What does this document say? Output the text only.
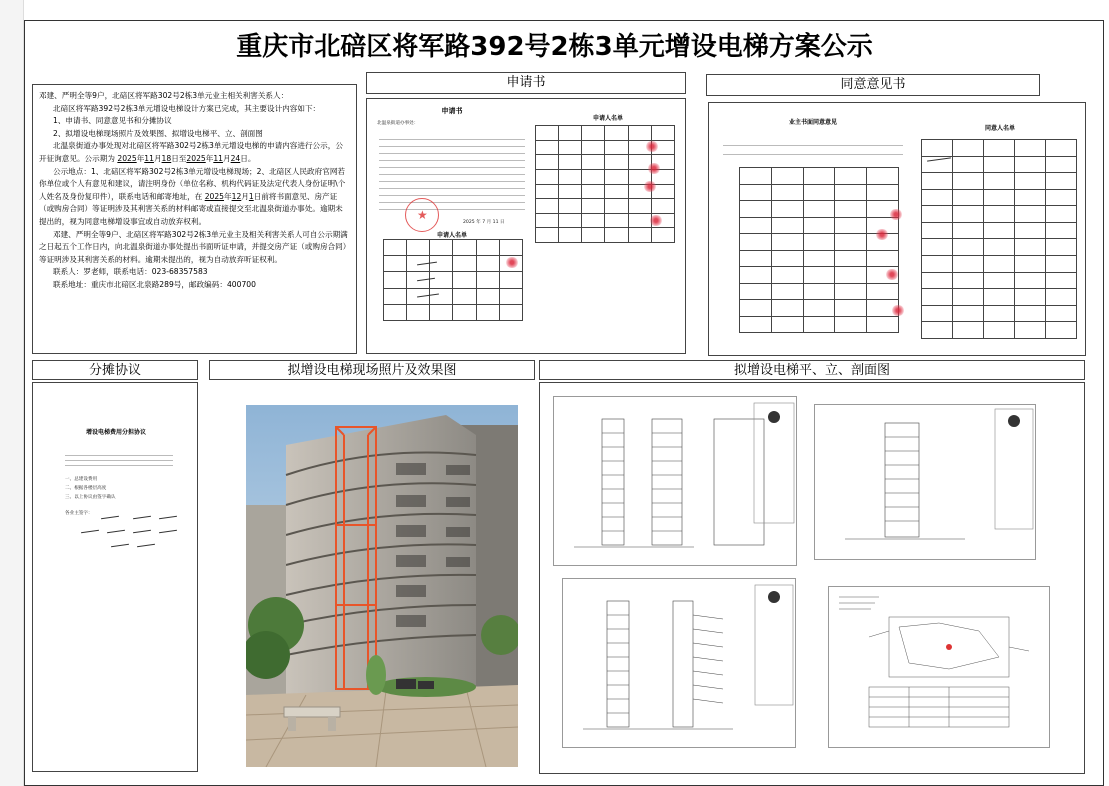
重庆市北碚区将军路392号2栋3单元增设电梯方案公示

邓建、严明全等9户，北碚区将军路302号2栋3单元业主相关利害关系人：

北碚区将军路392号2栋3单元增设电梯设计方案已完成，其主要设计内容如下：

1、申请书、同意意见书和分摊协议

2、拟增设电梯现场照片及效果图、拟增设电梯平、立、剖面图

北温泉街道办事处现对北碚区将军路302号2栋3单元增设电梯的申请内容进行公示，公开征询意见。公示期为 2025年11月18日至2025年11月24日。

公示地点：1、北碚区将军路302号2栋3单元增设电梯现场；2、北碚区人民政府官网若你单位或个人有意见和建议，请注明身份（单位名称、机构代码证及法定代表人身份证明\个人姓名及身份复印件），联系电话和邮寄地址，在 2025年12月1日前将书面意见、房产证（或购房合同）等证明涉及其利害关系的材料邮寄或直接提交至北温泉街道办事处。逾期未提出的，视为同意电梯增设事宜或自动放弃权利。

邓建、严明全等9户、北碚区将军路302号2栋3单元业主及相关利害关系人可自公示期满之日起五个工作日内，向北温泉街道办事处提出书面听证申请，并提交房产证（或购房合同）等证明涉及其利害关系的材料。逾期未提出的，视为自动放弃听证权利。

联系人：罗老师，联系电话：023-68357583

联系地址：重庆市北碚区北泉路289号，邮政编码：400700

申请书
申请书
北温泉街道办事处：
★
2025 年 7 月 11 日
申请人名单

申请人名单

同意意见书
业主书面同意意见

同意人名单

分摊协议
增设电梯费用分担协议
一、总建设费用
二、根据各楼层高度
三、以上协议由签字确认
各业主签字：
拟增设电梯现场照片及效果图	拟增设电梯平、立、剖面图
